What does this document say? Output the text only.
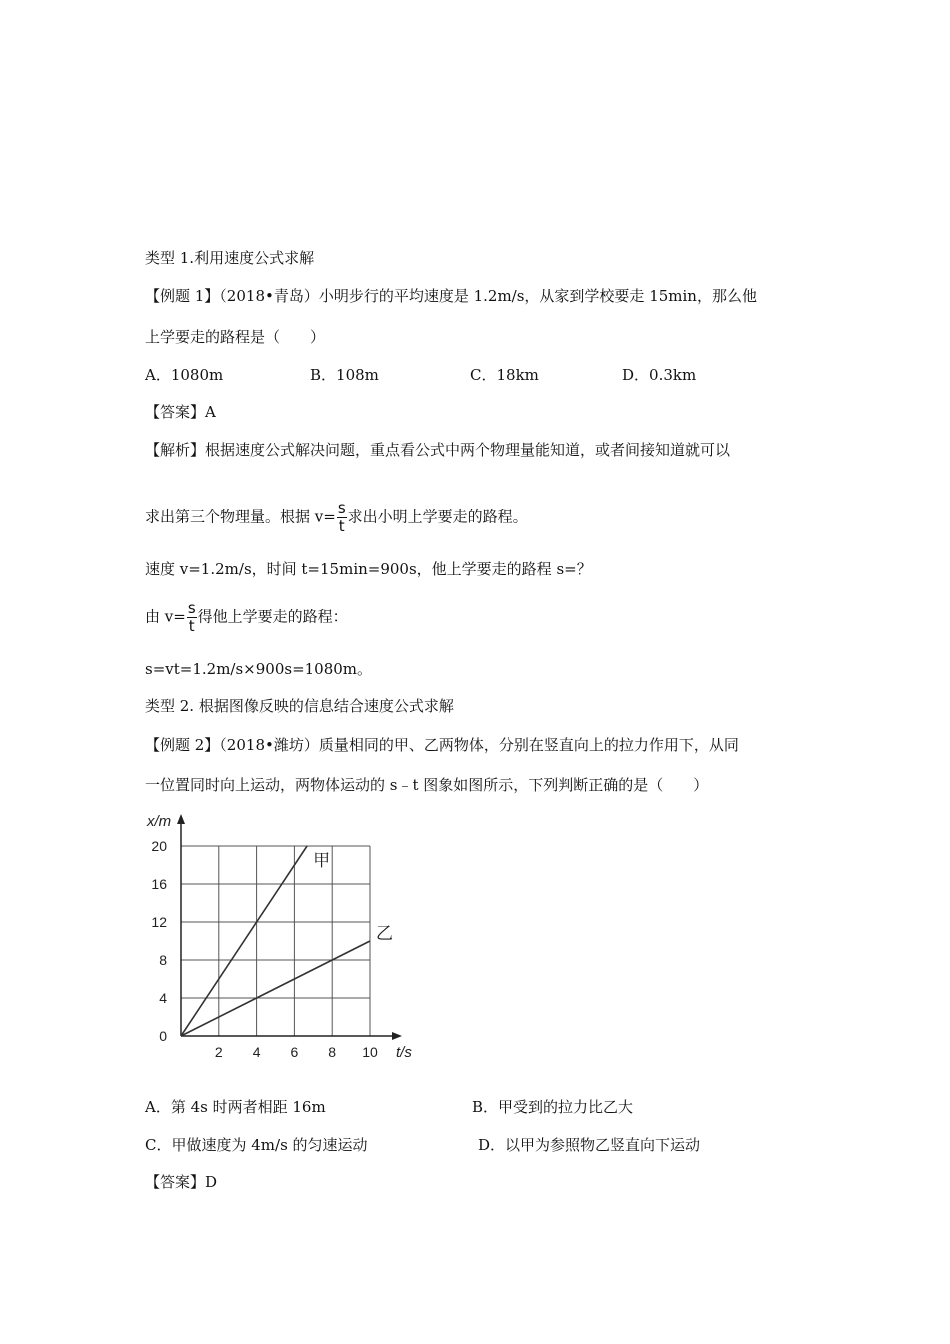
类型 1.利用速度公式求解
【例题 1】（2018•青岛）小明步行的平均速度是 1.2m/s，从家到学校要走 15min，那么他
上学要走的路程是（　　）
A．1080m	B．108m	C．18km	D．0.3km
【答案】A
【解析】根据速度公式解决问题，重点看公式中两个物理量能知道，或者间接知道就可以
求出第三个物理量。根据 $v= \frac{s}{t}$ 求出小明上学要走的路程。
速度 v=1.2m/s，时间 t=15min=900s，他上学要走的路程 s=？
由 $v= \frac{s}{t}$ 得他上学要走的路程：
s=vt=1.2m/s×900s=1080m。
类型 2. 根据图像反映的信息结合速度公式求解
【例题 2】（2018•潍坊）质量相同的甲、乙两物体，分别在竖直向上的拉力作用下，从同
一位置同时向上运动，两物体运动的 s﹣t 图象如图所示，下列判断正确的是（　　）
2 4 6 8 10
0
4
8
12
16
20
t/s
x/m
甲
乙
A．第 4s 时两者相距 16m	B．甲受到的拉力比乙大
C．甲做速度为 4m/s 的匀速运动	D．以甲为参照物乙竖直向下运动
【答案】D
